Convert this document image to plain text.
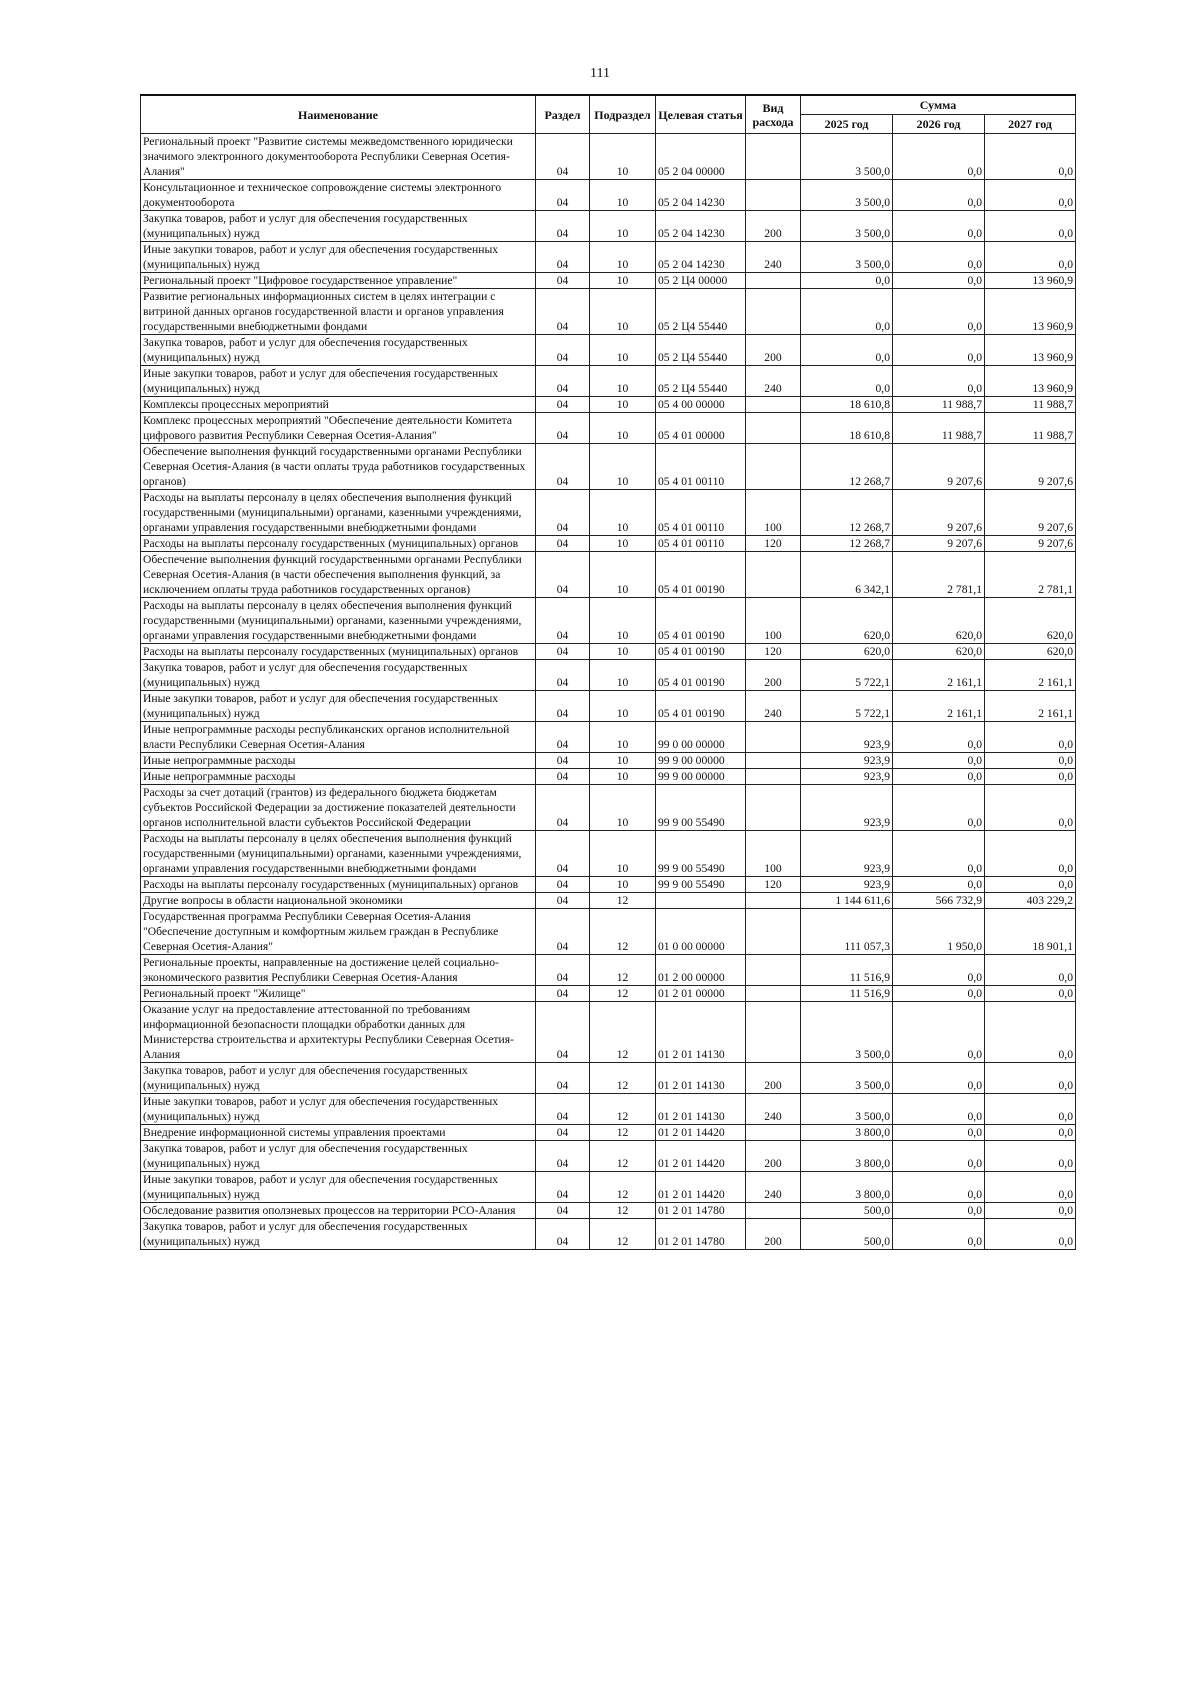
111
Наименование	Раздел	Подраздел	Целевая статья	Вид расхода	Сумма		
					2025 год	2026 год	2027 год
Региональный проект "Развитие системы межведомственного юридически значимого электронного документооборота Республики Северная Осетия-Алания"	04	10	05 2 04 00000		3 500,0	0,0	0,0
Консультационное и техническое сопровождение системы электронного документооборота	04	10	05 2 04 14230		3 500,0	0,0	0,0
Закупка товаров, работ и услуг для обеспечения государственных (муниципальных) нужд	04	10	05 2 04 14230	200	3 500,0	0,0	0,0
Иные закупки товаров, работ и услуг для обеспечения государственных (муниципальных) нужд	04	10	05 2 04 14230	240	3 500,0	0,0	0,0
Региональный проект "Цифровое государственное управление"	04	10	05 2 Ц4 00000		0,0	0,0	13 960,9
Развитие региональных информационных систем в целях интеграции с витриной данных органов государственной власти и органов управления государственными внебюджетными фондами	04	10	05 2 Ц4 55440		0,0	0,0	13 960,9
Закупка товаров, работ и услуг для обеспечения государственных (муниципальных) нужд	04	10	05 2 Ц4 55440	200	0,0	0,0	13 960,9
Иные закупки товаров, работ и услуг для обеспечения государственных (муниципальных) нужд	04	10	05 2 Ц4 55440	240	0,0	0,0	13 960,9
Комплексы процессных мероприятий	04	10	05 4 00 00000		18 610,8	11 988,7	11 988,7
Комплекс процессных мероприятий "Обеспечение деятельности Комитета цифрового развития Республики Северная Осетия-Алания"	04	10	05 4 01 00000		18 610,8	11 988,7	11 988,7
Обеспечение выполнения функций государственными органами Республики Северная Осетия-Алания (в части оплаты труда работников государственных органов)	04	10	05 4 01 00110		12 268,7	9 207,6	9 207,6
Расходы на выплаты персоналу в целях обеспечения выполнения функций государственными (муниципальными) органами, казенными учреждениями, органами управления государственными внебюджетными фондами	04	10	05 4 01 00110	100	12 268,7	9 207,6	9 207,6
Расходы на выплаты персоналу государственных (муниципальных) органов	04	10	05 4 01 00110	120	12 268,7	9 207,6	9 207,6
Обеспечение выполнения функций государственными органами Республики Северная Осетия-Алания (в части обеспечения выполнения функций, за исключением оплаты труда работников государственных органов)	04	10	05 4 01 00190		6 342,1	2 781,1	2 781,1
Расходы на выплаты персоналу в целях обеспечения выполнения функций государственными (муниципальными) органами, казенными учреждениями, органами управления государственными внебюджетными фондами	04	10	05 4 01 00190	100	620,0	620,0	620,0
Расходы на выплаты персоналу государственных (муниципальных) органов	04	10	05 4 01 00190	120	620,0	620,0	620,0
Закупка товаров, работ и услуг для обеспечения государственных (муниципальных) нужд	04	10	05 4 01 00190	200	5 722,1	2 161,1	2 161,1
Иные закупки товаров, работ и услуг для обеспечения государственных (муниципальных) нужд	04	10	05 4 01 00190	240	5 722,1	2 161,1	2 161,1
Иные непрограммные расходы республиканских органов исполнительной власти Республики Северная Осетия-Алания	04	10	99 0 00 00000		923,9	0,0	0,0
Иные непрограммные расходы	04	10	99 9 00 00000		923,9	0,0	0,0
Иные непрограммные расходы	04	10	99 9 00 00000		923,9	0,0	0,0
Расходы за счет дотаций (грантов) из федерального бюджета бюджетам субъектов Российской Федерации за достижение показателей деятельности органов исполнительной власти субъектов Российской Федерации	04	10	99 9 00 55490		923,9	0,0	0,0
Расходы на выплаты персоналу в целях обеспечения выполнения функций государственными (муниципальными) органами, казенными учреждениями, органами управления государственными внебюджетными фондами	04	10	99 9 00 55490	100	923,9	0,0	0,0
Расходы на выплаты персоналу государственных (муниципальных) органов	04	10	99 9 00 55490	120	923,9	0,0	0,0
Другие вопросы в области национальной экономики	04	12			1 144 611,6	566 732,9	403 229,2
Государственная программа Республики Северная Осетия-Алания "Обеспечение доступным и комфортным жильем граждан в Республике Северная Осетия-Алания"	04	12	01 0 00 00000		111 057,3	1 950,0	18 901,1
Региональные проекты, направленные на достижение целей социально-экономического развития Республики Северная Осетия-Алания	04	12	01 2 00 00000		11 516,9	0,0	0,0
Региональный проект "Жилище"	04	12	01 2 01 00000		11 516,9	0,0	0,0
Оказание услуг на предоставление аттестованной по требованиям информационной безопасности площадки обработки данных для Министерства строительства и архитектуры Республики Северная Осетия-Алания	04	12	01 2 01 14130		3 500,0	0,0	0,0
Закупка товаров, работ и услуг для обеспечения государственных (муниципальных) нужд	04	12	01 2 01 14130	200	3 500,0	0,0	0,0
Иные закупки товаров, работ и услуг для обеспечения государственных (муниципальных) нужд	04	12	01 2 01 14130	240	3 500,0	0,0	0,0
Внедрение информационной системы управления проектами	04	12	01 2 01 14420		3 800,0	0,0	0,0
Закупка товаров, работ и услуг для обеспечения государственных (муниципальных) нужд	04	12	01 2 01 14420	200	3 800,0	0,0	0,0
Иные закупки товаров, работ и услуг для обеспечения государственных (муниципальных) нужд	04	12	01 2 01 14420	240	3 800,0	0,0	0,0
Обследование развития оползневых процессов на территории РСО-Алания	04	12	01 2 01 14780		500,0	0,0	0,0
Закупка товаров, работ и услуг для обеспечения государственных (муниципальных) нужд	04	12	01 2 01 14780	200	500,0	0,0	0,0
